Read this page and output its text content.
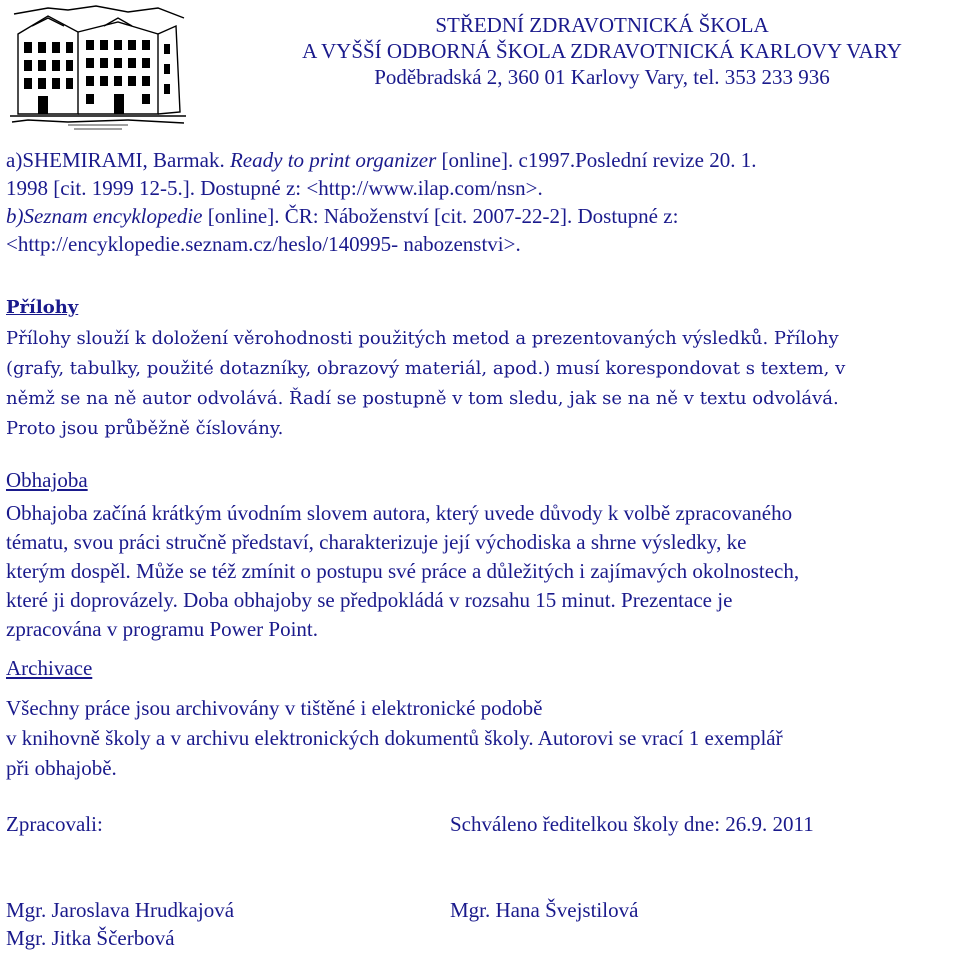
STŘEDNÍ ZDRAVOTNICKÁ ŠKOLA
A VYŠŠÍ ODBORNÁ ŠKOLA ZDRAVOTNICKÁ KARLOVY VARY
Poděbradská 2, 360 01 Karlovy Vary, tel. 353 233 936
a)SHEMIRAMI, Barmak. Ready to print organizer [online]. c1997.Poslední revize 20. 1.
1998 [cit. 1999 12-5.]. Dostupné z: <http://www.ilap.com/nsn>.
b)Seznam encyklopedie [online]. ČR: Náboženství [cit. 2007-22-2]. Dostupné z:
<http://encyklopedie.seznam.cz/heslo/140995- nabozenstvi>.
Přílohy
Přílohy slouží k doložení věrohodnosti použitých metod a prezentovaných výsledků. Přílohy
(grafy, tabulky, použité dotazníky, obrazový materiál, apod.) musí korespondovat s textem, v
němž se na ně autor odvolává. Řadí se postupně v tom sledu, jak se na ně v textu odvolává.
Proto jsou průběžně číslovány.
Obhajoba
Obhajoba začíná krátkým úvodním slovem autora, který uvede důvody k volbě zpracovaného
tématu, svou práci stručně představí, charakterizuje její východiska a shrne výsledky, ke
kterým dospěl. Může se též zmínit o postupu své práce a důležitých i zajímavých okolnostech,
které ji doprovázely. Doba obhajoby se předpokládá v rozsahu 15 minut. Prezentace je
zpracována v programu Power Point.
Archivace
Všechny práce jsou archivovány v tištěné i elektronické podobě
v knihovně školy a v archivu elektronických dokumentů školy. Autorovi se vrací 1 exemplář
při obhajobě.
Zpracovali:	Schváleno ředitelkou školy dne: 26.9. 2011
Mgr. Jaroslava Hrudkajová	Mgr. Hana Švejstilová
Mgr. Jitka Ščerbová
